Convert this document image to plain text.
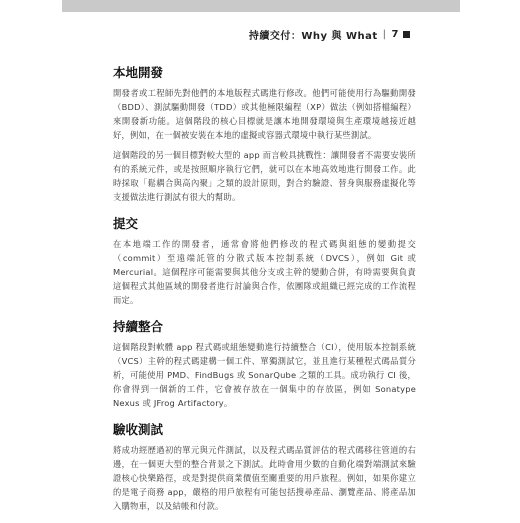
持續交付：Why 與 What | 7
本地開發

開發者或工程師先對他們的本地版程式碼進行修改。他們可能使用行為驅動開發（BDD）、測試驅動開發（TDD）或其他極限編程（XP）做法（例如搭檔編程）來開發新功能。這個階段的核心目標就是讓本地開發環境與生產環境越接近越好，例如，在一個被安裝在本地的虛擬或容器式環境中執行某些測試。

這個階段的另一個目標對較大型的 app 而言較具挑戰性：讓開發者不需要安裝所有的系統元件，或是按照順序執行它們，就可以在本地高效地進行開發工作。此時採取「鬆耦合與高內聚」之類的設計原則，對合約驗證、替身與服務虛擬化等支援做法進行測試有很大的幫助。

提交

在本地端工作的開發者，通常會將他們修改的程式碼與組態的變動提交（commit）至遠端託管的分散式版本控制系統（DVCS），例如 Git 或 Mercurial。這個程序可能需要與其他分支或主幹的變動合併，有時需要與負責這個程式其他區域的開發者進行討論與合作，依團隊或組織已經完成的工作流程而定。

持續整合

這個階段對軟體 app 程式碼或組態變動進行持續整合（CI），使用版本控制系統（VCS）主幹的程式碼建構一個工件、單獨測試它，並且進行某種程式碼品質分析，可能使用 PMD、FindBugs 或 SonarQube 之類的工具。成功執行 CI 後，你會得到一個新的工件，它會被存放在一個集中的存放區，例如 Sonatype Nexus 或 JFrog Artifactory。

驗收測試

將成功經歷過初的單元與元件測試，以及程式碼品質評估的程式碼移往管道的右邊，在一個更大型的整合背景之下測試。此時會用少數的自動化端對端測試來驗證核心快樂路徑，或是對提供商業價值至關重要的用戶旅程。例如，如果你建立的是電子商務 app，嚴格的用戶旅程有可能包括搜尋產品、瀏覽產品、將產品加入購物車，以及結帳和付款。
